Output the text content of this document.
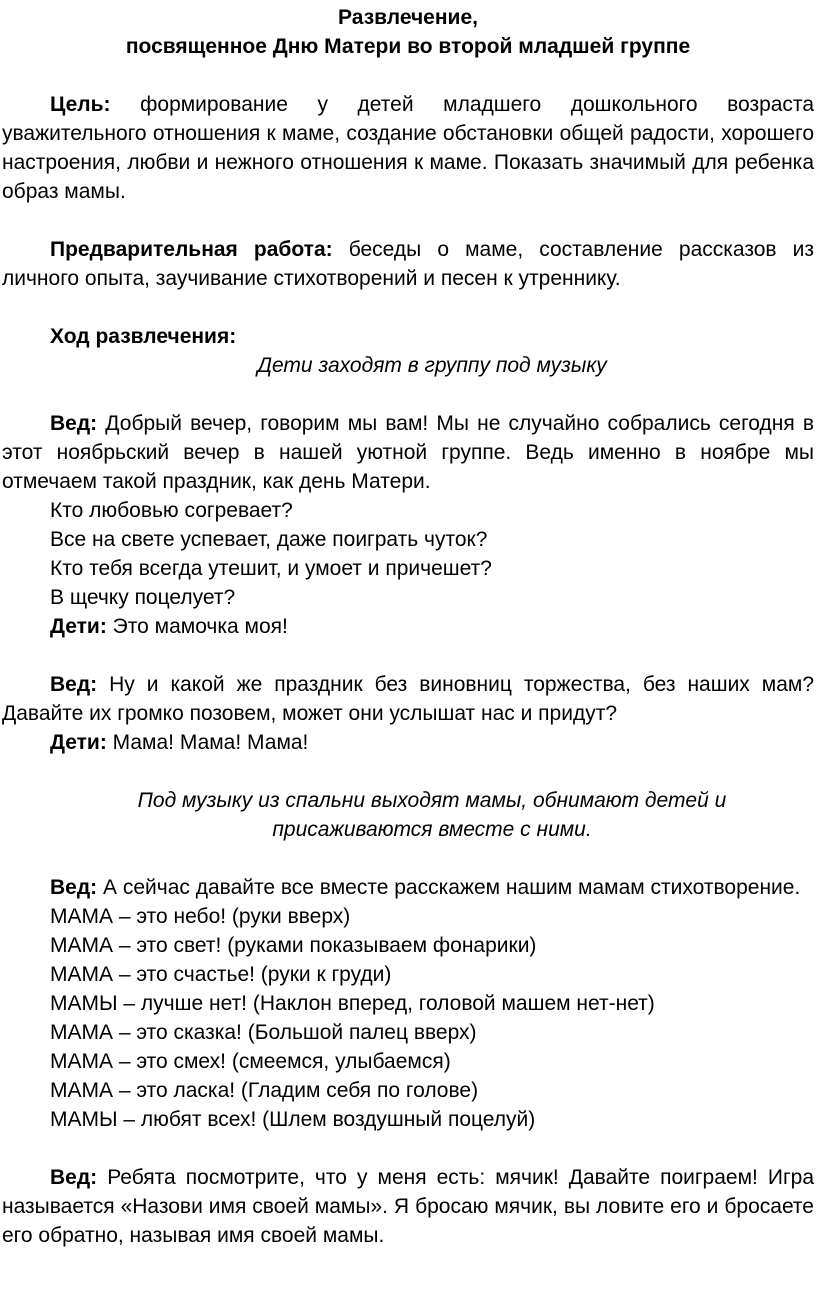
Развлечение,

посвященное Дню Матери во второй младшей группе

Цель: формирование у детей младшего дошкольного возраста уважительного отношения к маме, создание обстановки общей радости, хорошего настроения, любви и нежного отношения к маме. Показать значимый для ребенка образ мамы.

Предварительная работа: беседы о маме, составление рассказов из личного опыта, заучивание стихотворений и песен к утреннику.

Ход развлечения:

Дети заходят в группу под музыку

Вед: Добрый вечер, говорим мы вам! Мы не случайно собрались сегодня в этот ноябрьский вечер в нашей уютной группе. Ведь именно в ноябре мы отмечаем такой праздник, как день Матери.

Кто любовью согревает?

Все на свете успевает, даже поиграть чуток?

Кто тебя всегда утешит, и умоет и причешет?

В щечку поцелует?

Дети: Это мамочка моя!

Вед: Ну и какой же праздник без виновниц торжества, без наших мам? Давайте их громко позовем, может они услышат нас и придут?

Дети: Мама! Мама! Мама!

Под музыку из спальни выходят мамы, обнимают детей и

присаживаются вместе с ними.

Вед: А сейчас давайте все вместе расскажем нашим мамам стихотворение.

МАМА – это небо! (руки вверх)

МАМА – это свет! (руками показываем фонарики)

МАМА – это счастье! (руки к груди)

МАМЫ – лучше нет! (Наклон вперед, головой машем нет-нет)

МАМА – это сказка! (Большой палец вверх)

МАМА – это смех! (смеемся, улыбаемся)

МАМА – это ласка! (Гладим себя по голове)

МАМЫ – любят всех! (Шлем воздушный поцелуй)

Вед: Ребята посмотрите, что у меня есть: мячик! Давайте поиграем! Игра называется «Назови имя своей мамы». Я бросаю мячик, вы ловите его и бросаете его обратно, называя имя своей мамы.
